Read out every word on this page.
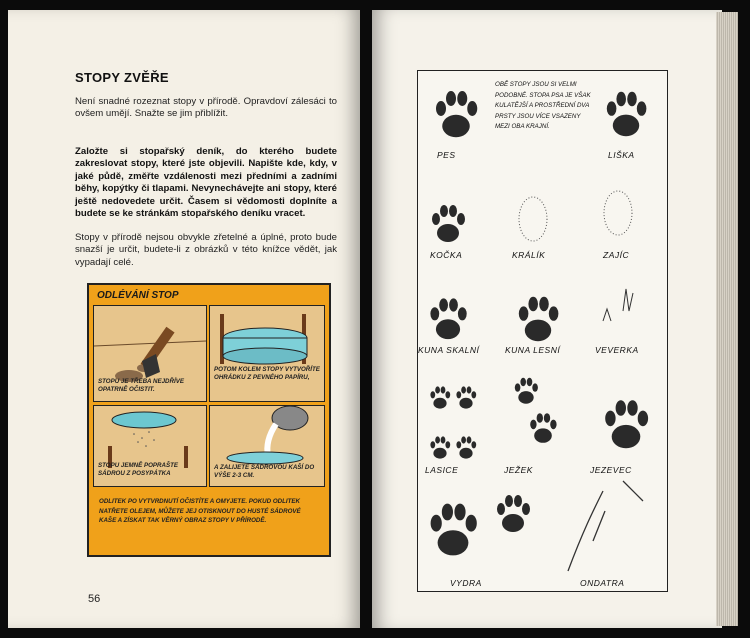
STOPY ZVĚŘE
Není snadné rozeznat stopy v přírodě. Opravdoví zálesáci to ovšem umějí. Snažte se jim přiblížit.
Založte si stopařský deník, do kterého budete zakreslovat stopy, které jste objevili. Napište kde, kdy, v jaké půdě, změřte vzdálenosti mezi předními a zadními běhy, kopýtky či tlapami. Nevynechávejte ani stopy, které ještě nedovedete určit. Časem si vědomosti doplníte a budete se ke stránkám stopařského deníku vracet.
Stopy v přírodě nejsou obvykle zřetelné a úplné, proto bude snazší je určit, budete-li z obrázků v této knížce vědět, jak vypadají celé.
ODLÉVÁNÍ STOP
STOPU JE TŘEBA NEJDŘÍVE OPATRNĚ OČISTIT.
POTOM KOLEM STOPY VYTVOŘÍTE OHRÁDKU Z PEVNÉHO PAPÍRU,
STOPU JEMNĚ POPRAŠTE SÁDROU Z POSYPÁTKA
A ZALIJETE SÁDROVOU KAŠÍ DO VÝŠE 2-3 CM.
ODLITEK PO VYTVRDNUTÍ OČISTÍTE A OMYJETE. POKUD ODLITEK NATŘETE OLEJEM, MŮŽETE JEJ OTISKNOUT DO HUSTÉ SÁDROVÉ KAŠE A ZÍSKAT TAK VĚRNÝ OBRAZ STOPY V PŘÍRODĚ.
56
OBĚ STOPY JSOU SI VELMI PODOBNÉ. STOPA PSA JE VŠAK KULATĚJŠÍ A PROSTŘEDNÍ DVA PRSTY JSOU VÍCE VSAZENY MEZI OBA KRAJNÍ.
PES	LIŠKA
KOČKA	KRÁLÍK	ZAJÍC
KUNA SKALNÍ	KUNA LESNÍ	VEVERKA
LASICE	JEŽEK	JEZEVEC
VYDRA	ONDATRA
